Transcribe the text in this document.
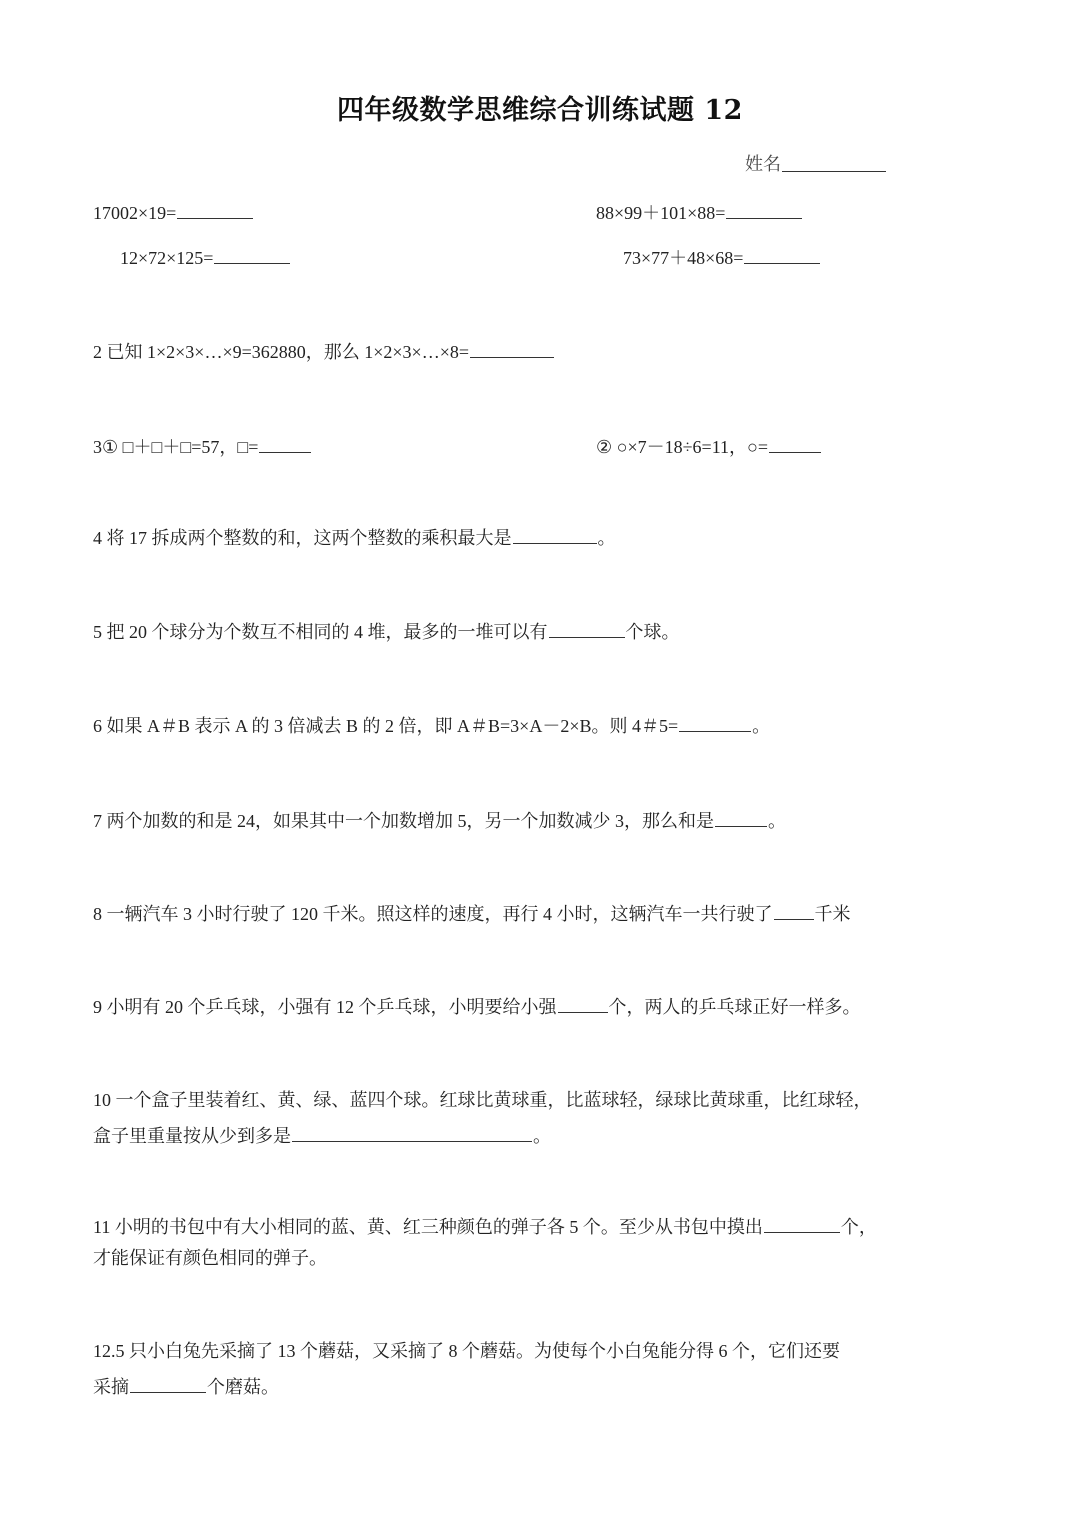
四年级数学思维综合训练试题 12
姓名
17002×19=	88×99＋101×88=
12×72×125=	73×77＋48×68=
2 已知 1×2×3×…×9=362880，那么 1×2×3×…×8=
3① □＋□＋□=57，□=	② ○×7－18÷6=11，○=
4 将 17 拆成两个整数的和，这两个整数的乘积最大是	。
5 把 20 个球分为个数互不相同的 4 堆，最多的一堆可以有	个球。
6 如果 A＃B 表示 A 的 3 倍减去 B 的 2 倍，即 A＃B=3×A－2×B。则 4＃5=	。
7 两个加数的和是 24，如果其中一个加数增加 5，另一个加数减少 3，那么和是	。
8 一辆汽车 3 小时行驶了 120 千米。照这样的速度，再行 4 小时，这辆汽车一共行驶了 千米
9 小明有 20 个乒乓球，小强有 12 个乒乓球，小明要给小强	个，两人的乒乓球正好一样多。
10 一个盒子里装着红、黄、绿、蓝四个球。红球比黄球重，比蓝球轻，绿球比黄球重，比红球轻，
盒子里重量按从少到多是	。
11 小明的书包中有大小相同的蓝、黄、红三种颜色的弹子各 5 个。至少从书包中摸出	个，
才能保证有颜色相同的弹子。
12.5 只小白兔先采摘了 13 个蘑菇，又采摘了 8 个蘑菇。为使每个小白兔能分得 6 个，它们还要
采摘	个磨菇。
